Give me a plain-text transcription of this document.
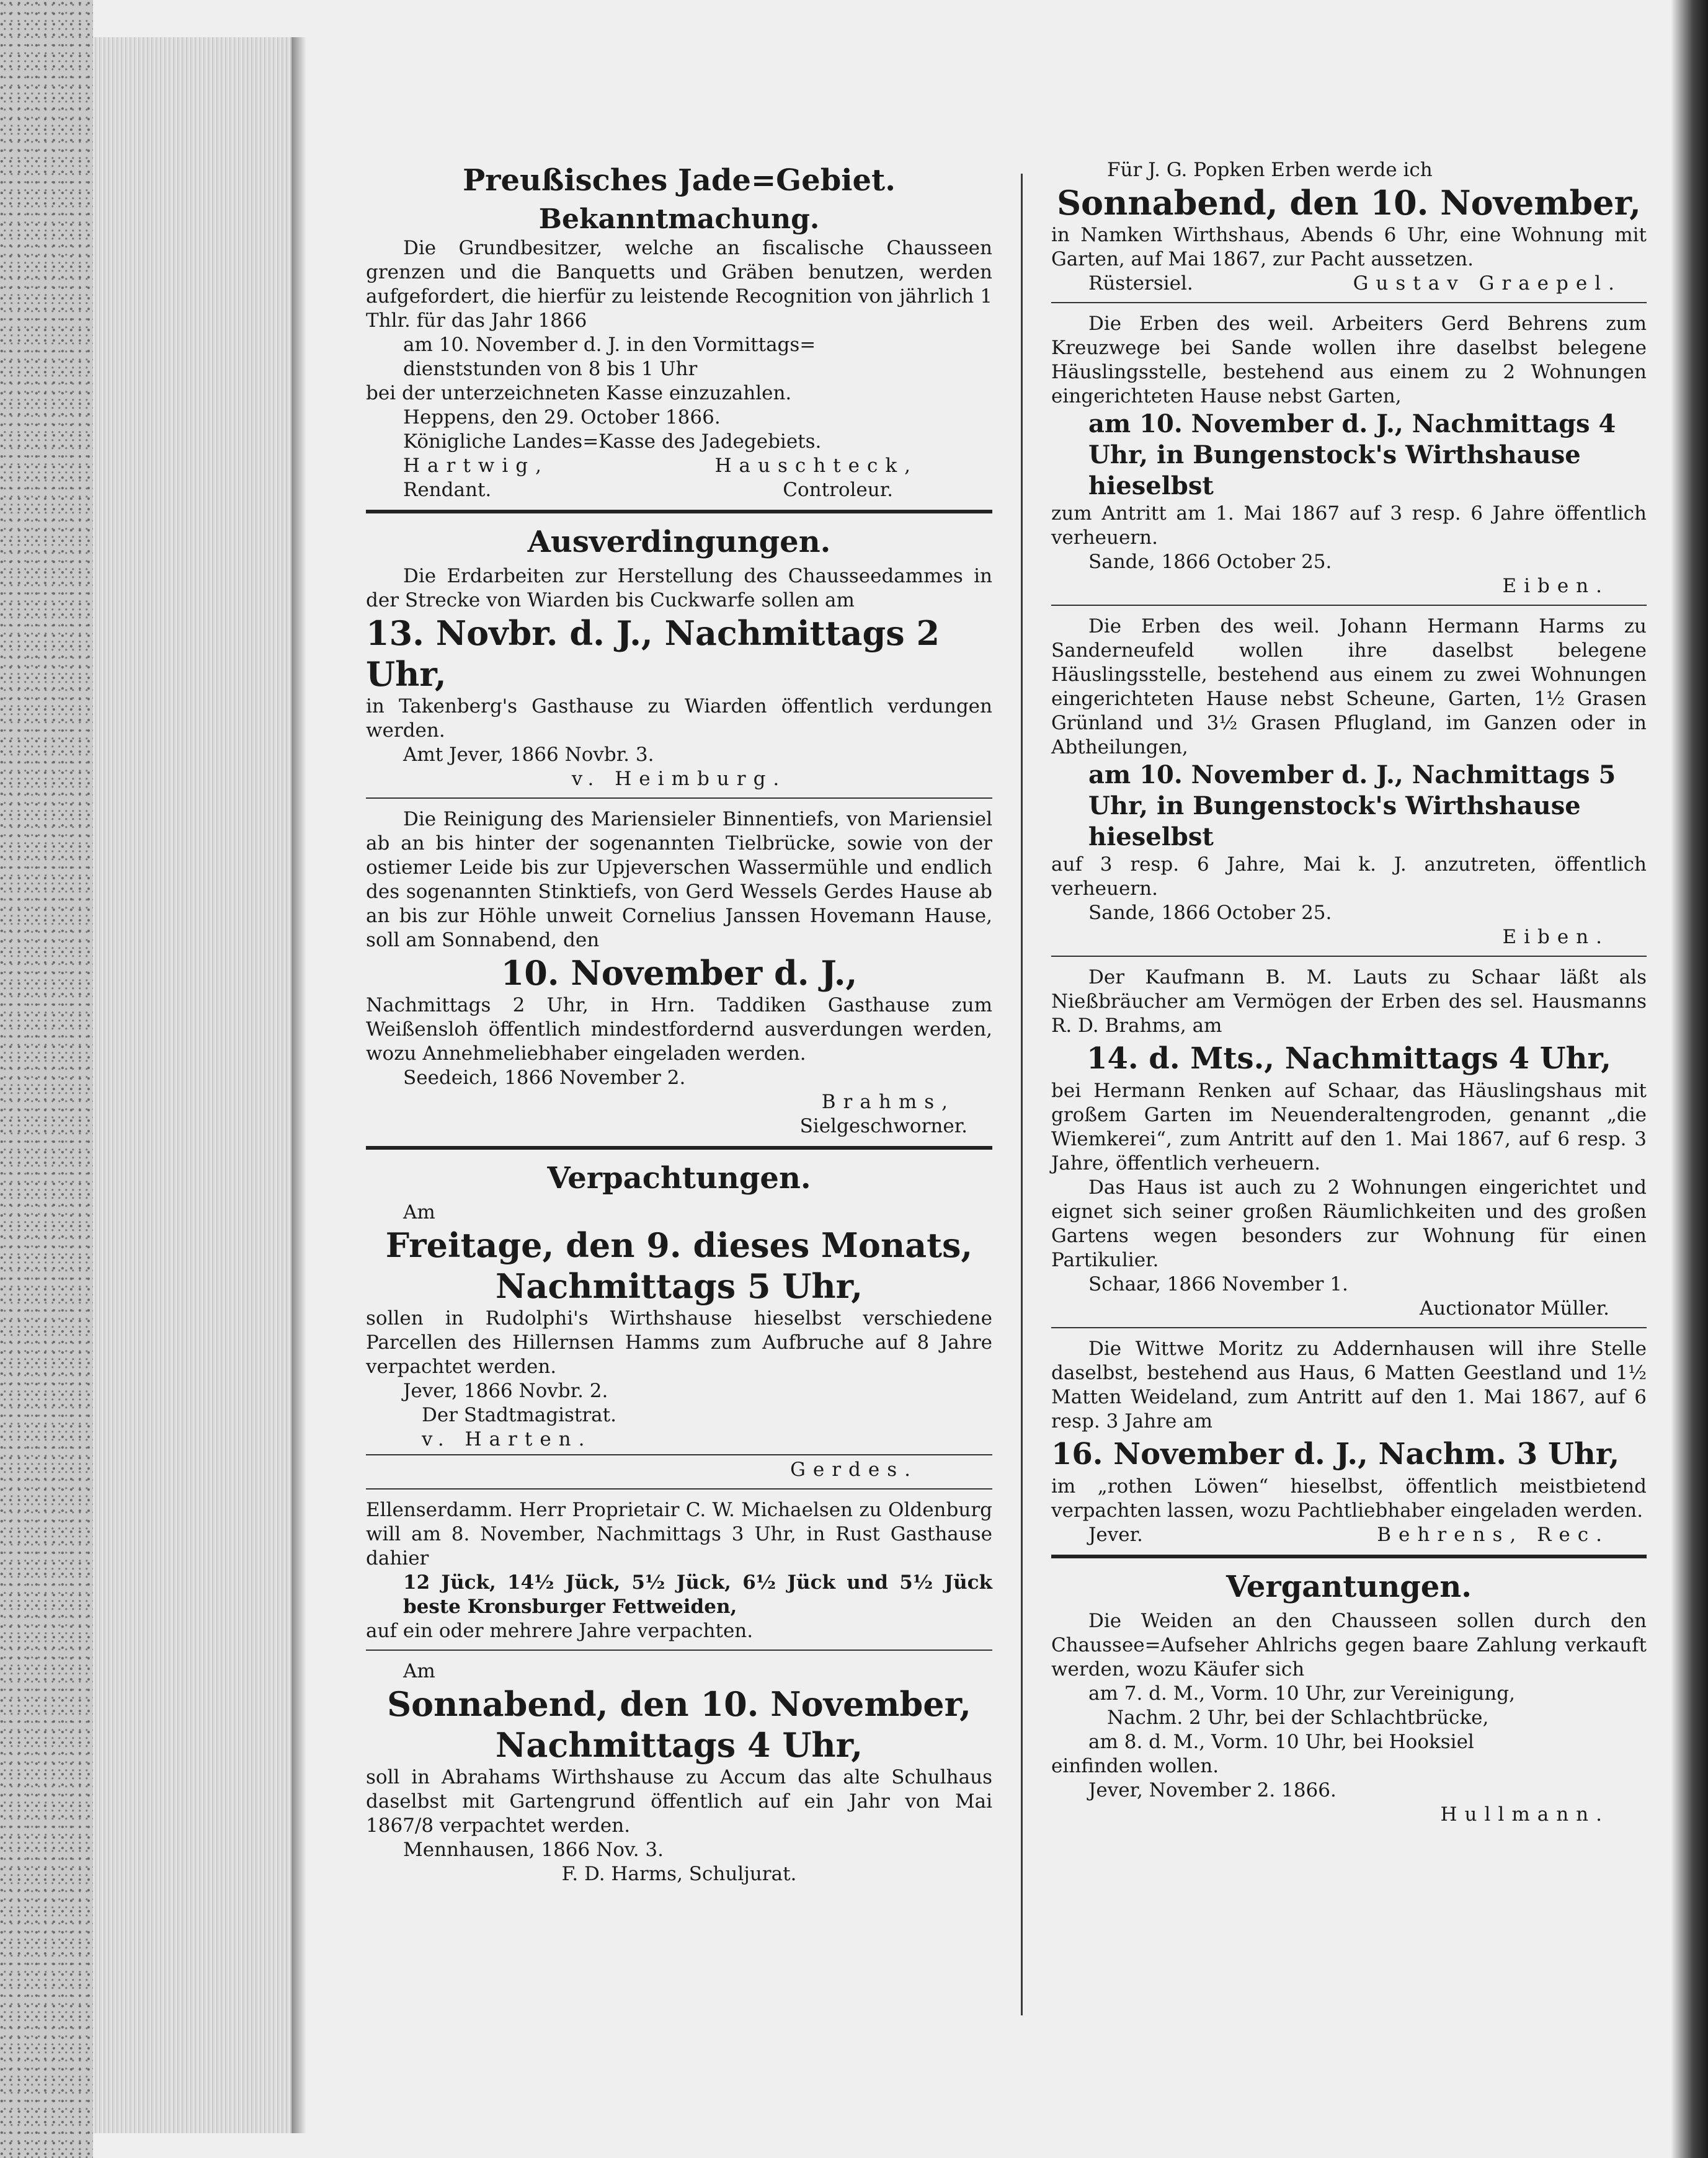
Preußisches Jade=Gebiet.
Bekanntmachung.
Die Grundbesitzer, welche an fiscalische Chausseen grenzen und die Banquetts und Gräben benutzen, werden aufgefordert, die hierfür zu leistende Recognition von jährlich 1 Thlr. für das Jahr 1866
am 10. November d. J. in den Vormittags=
dienststunden von 8 bis 1 Uhr
bei der unterzeichneten Kasse einzuzahlen.
Heppens, den 29. October 1866.
Königliche Landes=Kasse des Jadegebiets.
Hartwig,	Hauschteck,
Rendant.	Controleur.
Ausverdingungen.
Die Erdarbeiten zur Herstellung des Chausseedammes in der Strecke von Wiarden bis Cuckwarfe sollen am
13. Novbr. d. J., Nachmittags 2 Uhr,
in Takenberg's Gasthause zu Wiarden öffentlich verdungen werden.
Amt Jever, 1866 Novbr. 3.
v. Heimburg.
Die Reinigung des Mariensieler Binnentiefs, von Mariensiel ab an bis hinter der sogenannten Tielbrücke, sowie von der ostiemer Leide bis zur Upjeverschen Wassermühle und endlich des sogenannten Stinktiefs, von Gerd Wessels Gerdes Hause ab an bis zur Höhle unweit Cornelius Janssen Hovemann Hause, soll am Sonnabend, den
10. November d. J.,
Nachmittags 2 Uhr, in Hrn. Taddiken Gasthause zum Weißensloh öffentlich mindestfordernd ausverdungen werden, wozu Annehmeliebhaber eingeladen werden.
Seedeich, 1866 November 2.
Brahms,
Sielgeschworner.
Verpachtungen.
Am
Freitage, den 9. dieses Monats,
Nachmittags 5 Uhr,
sollen in Rudolphi's Wirthshause hieselbst verschiedene Parcellen des Hillernsen Hamms zum Aufbruche auf 8 Jahre verpachtet werden.
Jever, 1866 Novbr. 2.
Der Stadtmagistrat.
v. Harten.
Gerdes.
Ellenserdamm. Herr Proprietair C. W. Michaelsen zu Oldenburg will am 8. November, Nachmittags 3 Uhr, in Rust Gasthause dahier
12 Jück, 14½ Jück, 5½ Jück, 6½ Jück und 5½ Jück beste Kronsburger Fettweiden,
auf ein oder mehrere Jahre verpachten.
Am
Sonnabend, den 10. November,
Nachmittags 4 Uhr,
soll in Abrahams Wirthshause zu Accum das alte Schulhaus daselbst mit Gartengrund öffentlich auf ein Jahr von Mai 1867/8 verpachtet werden.
Mennhausen, 1866 Nov. 3.
F. D. Harms, Schuljurat.
Für J. G. Popken Erben werde ich
Sonnabend, den 10. November,
in Namken Wirthshaus, Abends 6 Uhr, eine Wohnung mit Garten, auf Mai 1867, zur Pacht aussetzen.
Rüstersiel.	Gustav Graepel.
Die Erben des weil. Arbeiters Gerd Behrens zum Kreuzwege bei Sande wollen ihre daselbst belegene Häuslingsstelle, bestehend aus einem zu 2 Wohnungen eingerichteten Hause nebst Garten,
am 10. November d. J., Nachmittags 4 Uhr, in Bungenstock's Wirthshause hieselbst
zum Antritt am 1. Mai 1867 auf 3 resp. 6 Jahre öffentlich verheuern.
Sande, 1866 October 25.
Eiben.
Die Erben des weil. Johann Hermann Harms zu Sanderneufeld wollen ihre daselbst belegene Häuslingsstelle, bestehend aus einem zu zwei Wohnungen eingerichteten Hause nebst Scheune, Garten, 1½ Grasen Grünland und 3½ Grasen Pflugland, im Ganzen oder in Abtheilungen,
am 10. November d. J., Nachmittags 5 Uhr, in Bungenstock's Wirthshause hieselbst
auf 3 resp. 6 Jahre, Mai k. J. anzutreten, öffentlich verheuern.
Sande, 1866 October 25.
Eiben.
Der Kaufmann B. M. Lauts zu Schaar läßt als Nießbräucher am Vermögen der Erben des sel. Hausmanns R. D. Brahms, am
14. d. Mts., Nachmittags 4 Uhr,
bei Hermann Renken auf Schaar, das Häuslingshaus mit großem Garten im Neuenderaltengroden, genannt „die Wiemkerei“, zum Antritt auf den 1. Mai 1867, auf 6 resp. 3 Jahre, öffentlich verheuern.
Das Haus ist auch zu 2 Wohnungen eingerichtet und eignet sich seiner großen Räumlichkeiten und des großen Gartens wegen besonders zur Wohnung für einen Partikulier.
Schaar, 1866 November 1.
Auctionator Müller.
Die Wittwe Moritz zu Addernhausen will ihre Stelle daselbst, bestehend aus Haus, 6 Matten Geestland und 1½ Matten Weideland, zum Antritt auf den 1. Mai 1867, auf 6 resp. 3 Jahre am
16. November d. J., Nachm. 3 Uhr,
im „rothen Löwen“ hieselbst, öffentlich meistbietend verpachten lassen, wozu Pachtliebhaber eingeladen werden.
Jever.	Behrens, Rec.
Vergantungen.
Die Weiden an den Chausseen sollen durch den Chaussee=Aufseher Ahlrichs gegen baare Zahlung verkauft werden, wozu Käufer sich
am 7. d. M., Vorm. 10 Uhr, zur Vereinigung,
Nachm. 2 Uhr, bei der Schlachtbrücke,
am 8. d. M., Vorm. 10 Uhr, bei Hooksiel
einfinden wollen.
Jever, November 2. 1866.
Hullmann.
